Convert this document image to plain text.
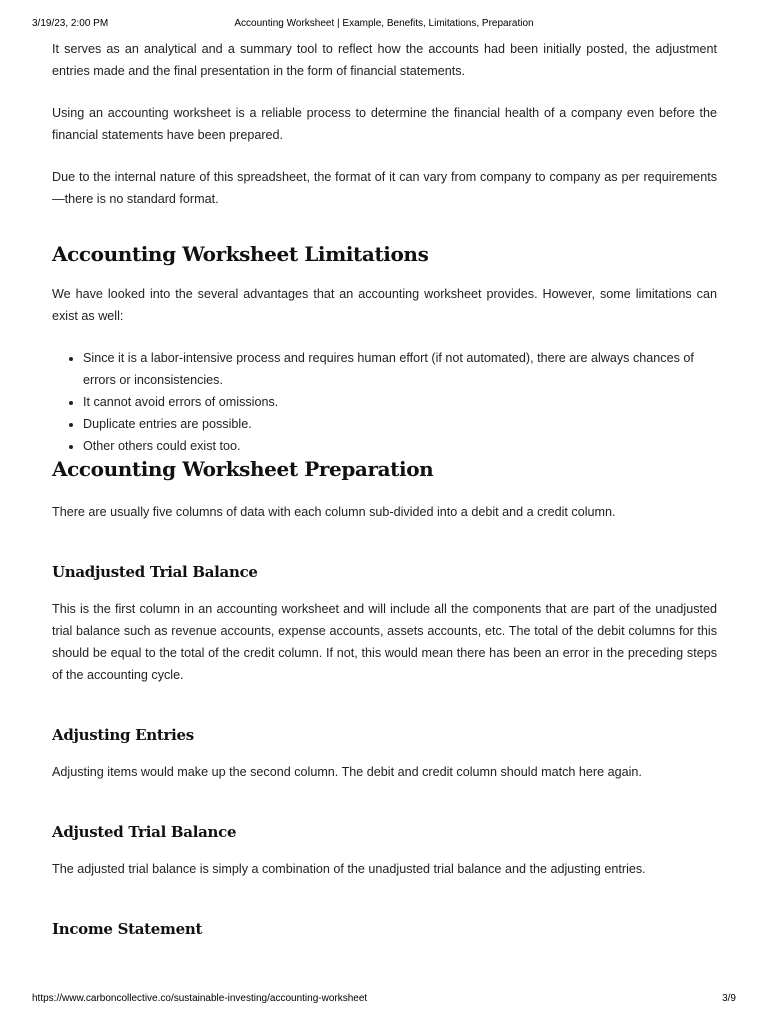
3/19/23, 2:00 PM	Accounting Worksheet | Example, Benefits, Limitations, Preparation

It serves as an analytical and a summary tool to reflect how the accounts had been initially posted, the adjustment entries made and the final presentation in the form of financial statements.

Using an accounting worksheet is a reliable process to determine the financial health of a company even before the financial statements have been prepared.

Due to the internal nature of this spreadsheet, the format of it can vary from company to company as per requirements—there is no standard format.

Accounting Worksheet Limitations

We have looked into the several advantages that an accounting worksheet provides. However, some limitations can exist as well:

• Since it is a labor-intensive process and requires human effort (if not automated), there are always chances of errors or inconsistencies.
• It cannot avoid errors of omissions.
• Duplicate entries are possible.
• Other others could exist too.
Accounting Worksheet Preparation

There are usually five columns of data with each column sub-divided into a debit and a credit column.

Unadjusted Trial Balance

This is the first column in an accounting worksheet and will include all the components that are part of the unadjusted trial balance such as revenue accounts, expense accounts, assets accounts, etc. The total of the debit columns for this should be equal to the total of the credit column. If not, this would mean there has been an error in the preceding steps of the accounting cycle.

Adjusting Entries

Adjusting items would make up the second column. The debit and credit column should match here again.

Adjusted Trial Balance

The adjusted trial balance is simply a combination of the unadjusted trial balance and the adjusting entries.

Income Statement
https://www.carboncollective.co/sustainable-investing/accounting-worksheet	3/9
